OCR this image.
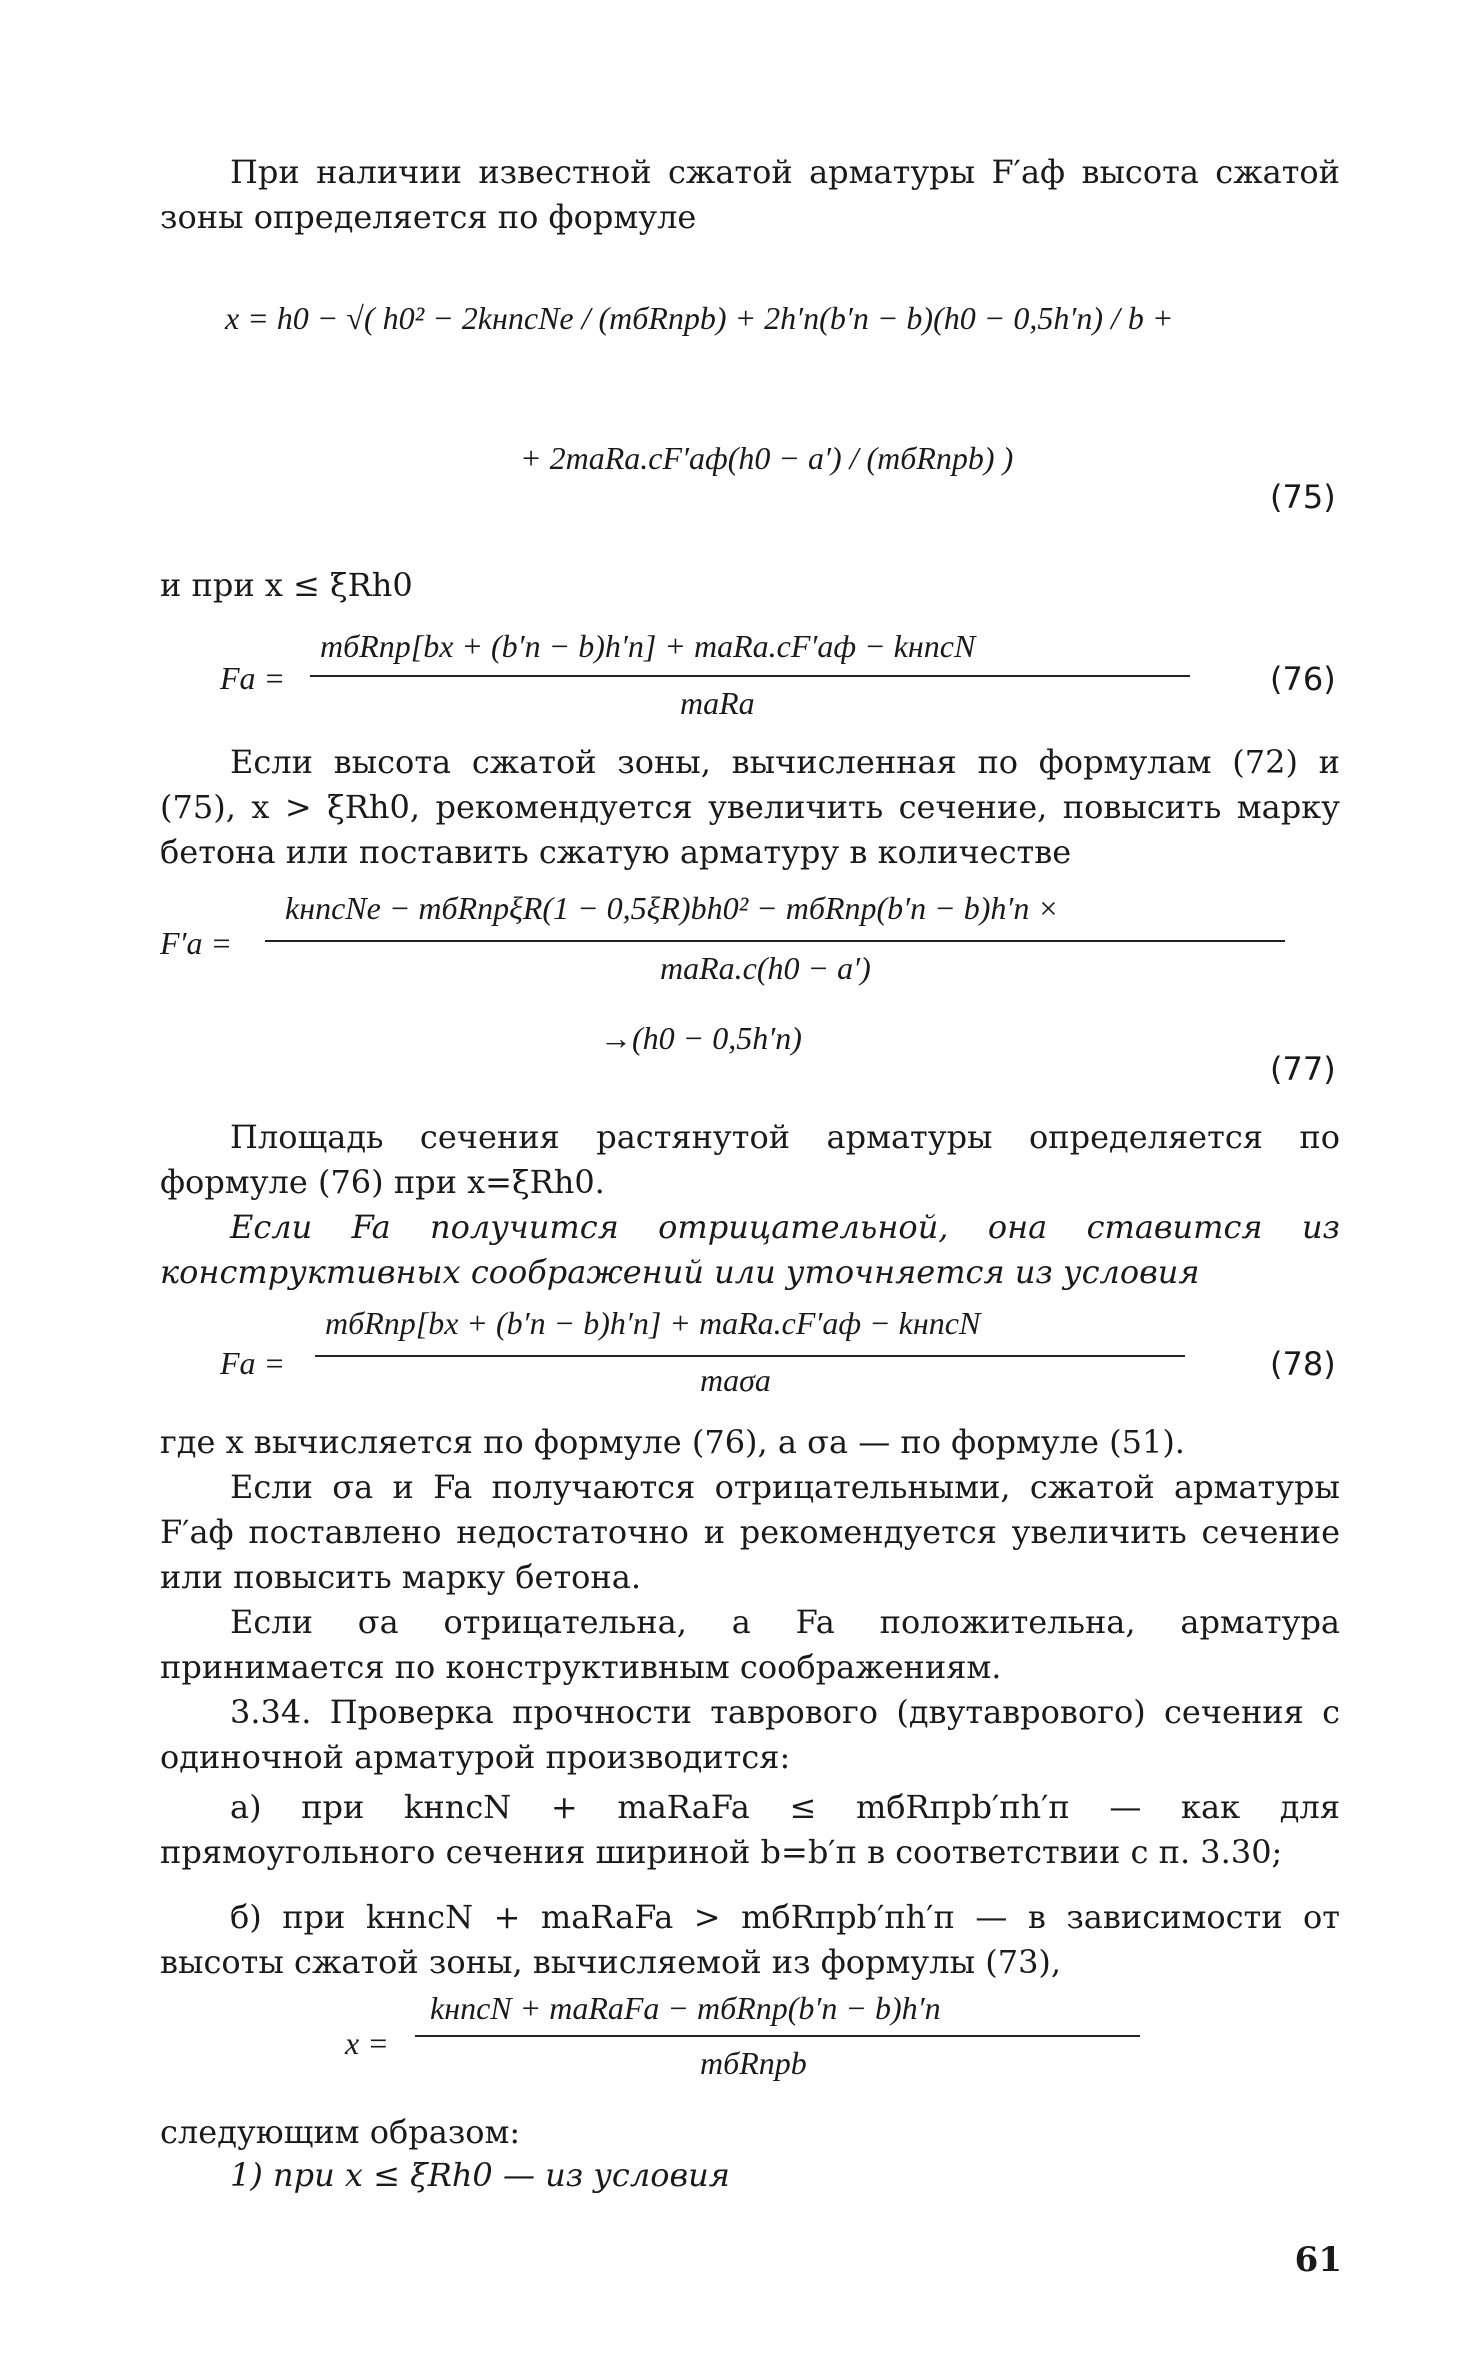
При наличии известной сжатой арматуры F′аф высота сжатой зоны определяется по формуле

x = h0 − √( h0² − 2kнncNe / (mбRпрb) + 2h′п(b′п − b)(h0 − 0,5h′п) / b +
+ 2maRa.cF′аф(h0 − a′) / (mбRпрb) )
(75)
и при x ≤ ξRh0
Fa =
mбRпр[bx + (b′п − b)h′п] + maRa.cF′аф − kнncN
maRa
(76)

Если высота сжатой зоны, вычисленная по формулам (72) и (75), x > ξRh0, рекомендуется увеличить сечение, повысить марку бетона или поставить сжатую арматуру в количестве

F′a =
kнncNe − mбRпрξR(1 − 0,5ξR)bh0² − mбRпр(b′п − b)h′п ×
maRa.c(h0 − a′)
→(h0 − 0,5h′п)
(77)

Площадь сечения растянутой арматуры определяется по формуле (76) при x=ξRh0.

Если Fa получится отрицательной, она ставится из конструктивных соображений или уточняется из условия

Fa =
mбRпр[bx + (b′п − b)h′п] + maRa.cF′аф − kнncN
maσa	(78)

где x вычисляется по формуле (76), а σa — по формуле (51).

Если σa и Fa получаются отрицательными, сжатой арматуры F′аф поставлено недостаточно и рекомендуется увеличить сечение или повысить марку бетона.

Если σa отрицательна, а Fa положительна, арматура принимается по конструктивным соображениям.

3.34. Проверка прочности таврового (двутаврового) сечения с одиночной арматурой производится:

а) при kнncN + maRaFa ≤ mбRпрb′пh′п — как для прямоугольного сечения шириной b=b′п в соответствии с п. 3.30;

б) при kнncN + maRaFa > mбRпрb′пh′п — в зависимости от высоты сжатой зоны, вычисляемой из формулы (73),

x =
kнncN + maRaFa − mбRпр(b′п − b)h′п
mбRпрb
следующим образом:
1) при x ≤ ξRh0 — из условия
61
